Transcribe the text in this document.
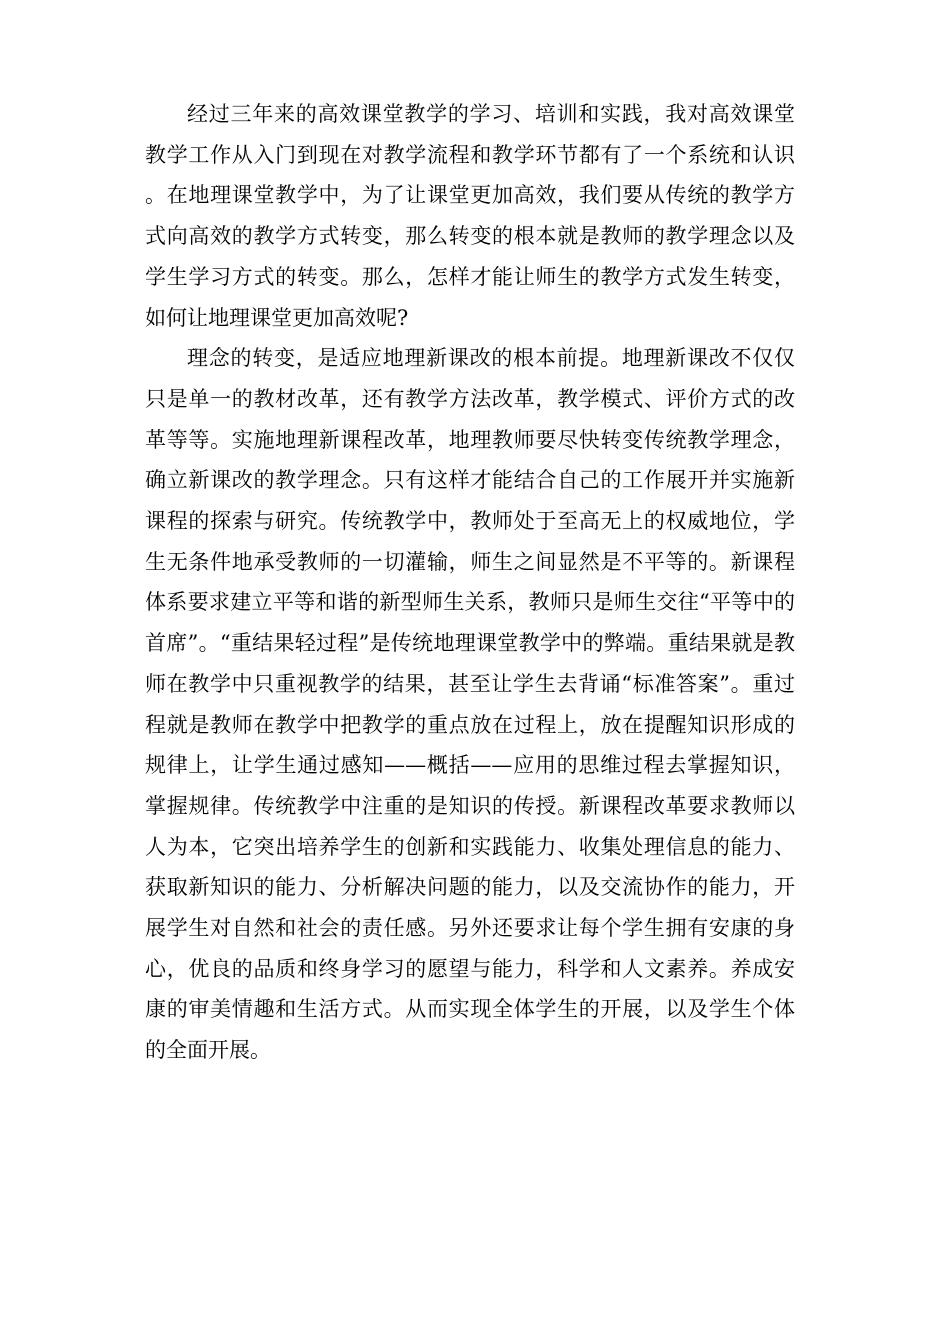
经过三年来的高效课堂教学的学习、培训和实践，我对高效课堂教学工作从入门到现在对教学流程和教学环节都有了一个系统和认识。在地理课堂教学中，为了让课堂更加高效，我们要从传统的教学方式向高效的教学方式转变，那么转变的根本就是教师的教学理念以及学生学习方式的转变。那么，怎样才能让师生的教学方式发生转变，如何让地理课堂更加高效呢?

理念的转变，是适应地理新课改的根本前提。地理新课改不仅仅只是单一的教材改革，还有教学方法改革，教学模式、评价方式的改革等等。实施地理新课程改革，地理教师要尽快转变传统教学理念，确立新课改的教学理念。只有这样才能结合自己的工作展开并实施新课程的探索与研究。传统教学中，教师处于至高无上的权威地位，学生无条件地承受教师的一切灌输，师生之间显然是不平等的。新课程体系要求建立平等和谐的新型师生关系，教师只是师生交往“平等中的首席”。“重结果轻过程”是传统地理课堂教学中的弊端。重结果就是教师在教学中只重视教学的结果，甚至让学生去背诵“标准答案”。重过程就是教师在教学中把教学的重点放在过程上，放在提醒知识形成的规律上，让学生通过感知——概括——应用的思维过程去掌握知识，掌握规律。传统教学中注重的是知识的传授。新课程改革要求教师以人为本，它突出培养学生的创新和实践能力、收集处理信息的能力、获取新知识的能力、分析解决问题的能力，以及交流协作的能力，开展学生对自然和社会的责任感。另外还要求让每个学生拥有安康的身心，优良的品质和终身学习的愿望与能力，科学和人文素养。养成安康的审美情趣和生活方式。从而实现全体学生的开展，以及学生个体的全面开展。
